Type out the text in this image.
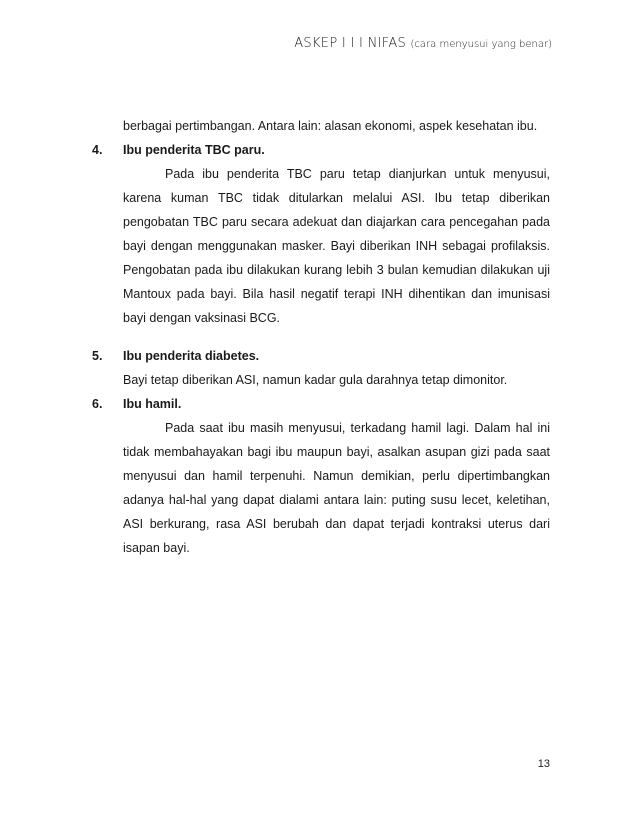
ASKEP I I I NIFAS (cara menyusui yang benar)

berbagai pertimbangan. Antara lain: alasan ekonomi, aspek kesehatan ibu.

4. Ibu penderita TBC paru.

Pada ibu penderita TBC paru tetap dianjurkan untuk menyusui, karena kuman TBC tidak ditularkan melalui ASI. Ibu tetap diberikan pengobatan TBC paru secara adekuat dan diajarkan cara pencegahan pada bayi dengan menggunakan masker. Bayi diberikan INH sebagai profilaksis. Pengobatan pada ibu dilakukan kurang lebih 3 bulan kemudian dilakukan uji Mantoux pada bayi. Bila hasil negatif terapi INH dihentikan dan imunisasi bayi dengan vaksinasi BCG.

5. Ibu penderita diabetes.

Bayi tetap diberikan ASI, namun kadar gula darahnya tetap dimonitor.

6. Ibu hamil.

Pada saat ibu masih menyusui, terkadang hamil lagi. Dalam hal ini tidak membahayakan bagi ibu maupun bayi, asalkan asupan gizi pada saat menyusui dan hamil terpenuhi. Namun demikian, perlu dipertimbangkan adanya hal-hal yang dapat dialami antara lain: puting susu lecet, keletihan, ASI berkurang, rasa ASI berubah dan dapat terjadi kontraksi uterus dari isapan bayi.

13
